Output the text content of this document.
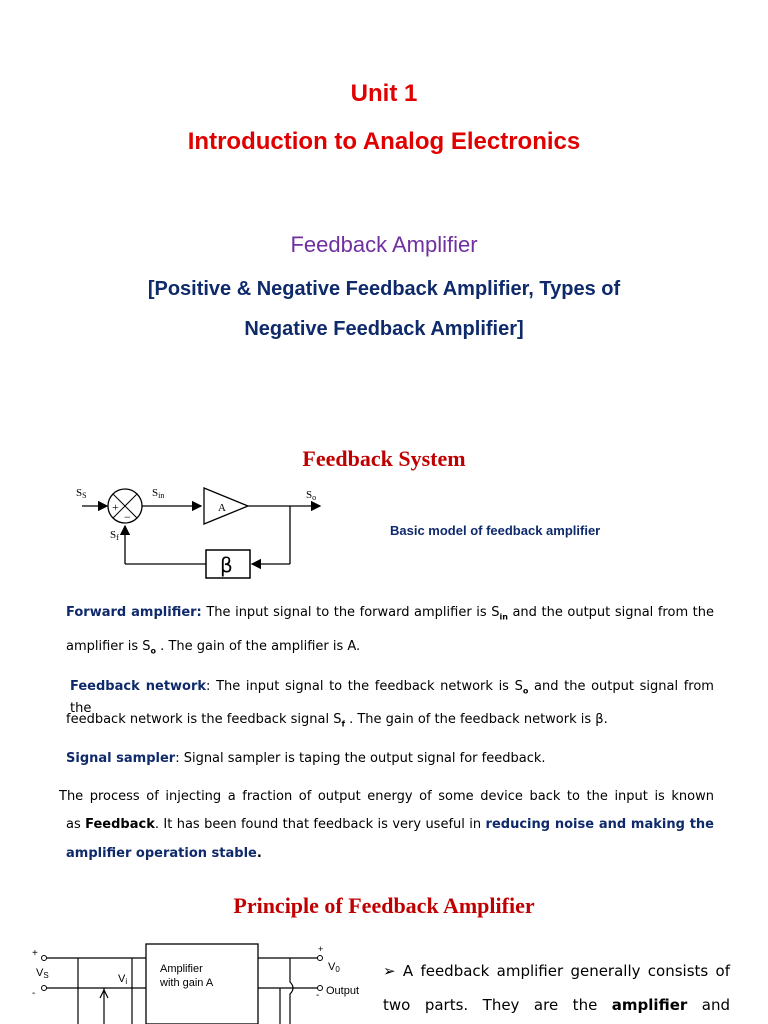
Unit 1
Introduction to Analog Electronics
Feedback Amplifier
[Positive & Negative Feedback Amplifier, Types of
Negative Feedback Amplifier]
Feedback System
+
−
A
β
SS	Sin	So
Sf	Basic model of feedback amplifier
Forward amplifier: The input signal to the forward amplifier is $S_{in}$ and the output signal from the
amplifier is $S_o$ . The gain of the amplifier is A.
Feedback network: The input signal to the feedback network is $S_o$ and the output signal from the
feedback network is the feedback signal $S_f$ . The gain of the feedback network is β.
Signal sampler: Signal sampler is taping the output signal for feedback.
The process of injecting a fraction of output energy of some device back to the input is known
as Feedback. It has been found that feedback is very useful in reducing noise and making the
amplifier operation stable.
Principle of Feedback Amplifier
Amplifier
with gain A
+
-
VS	Vi
+
V0
- Output
➢ A feedback amplifier generally consists of
two parts. They are the amplifier and
